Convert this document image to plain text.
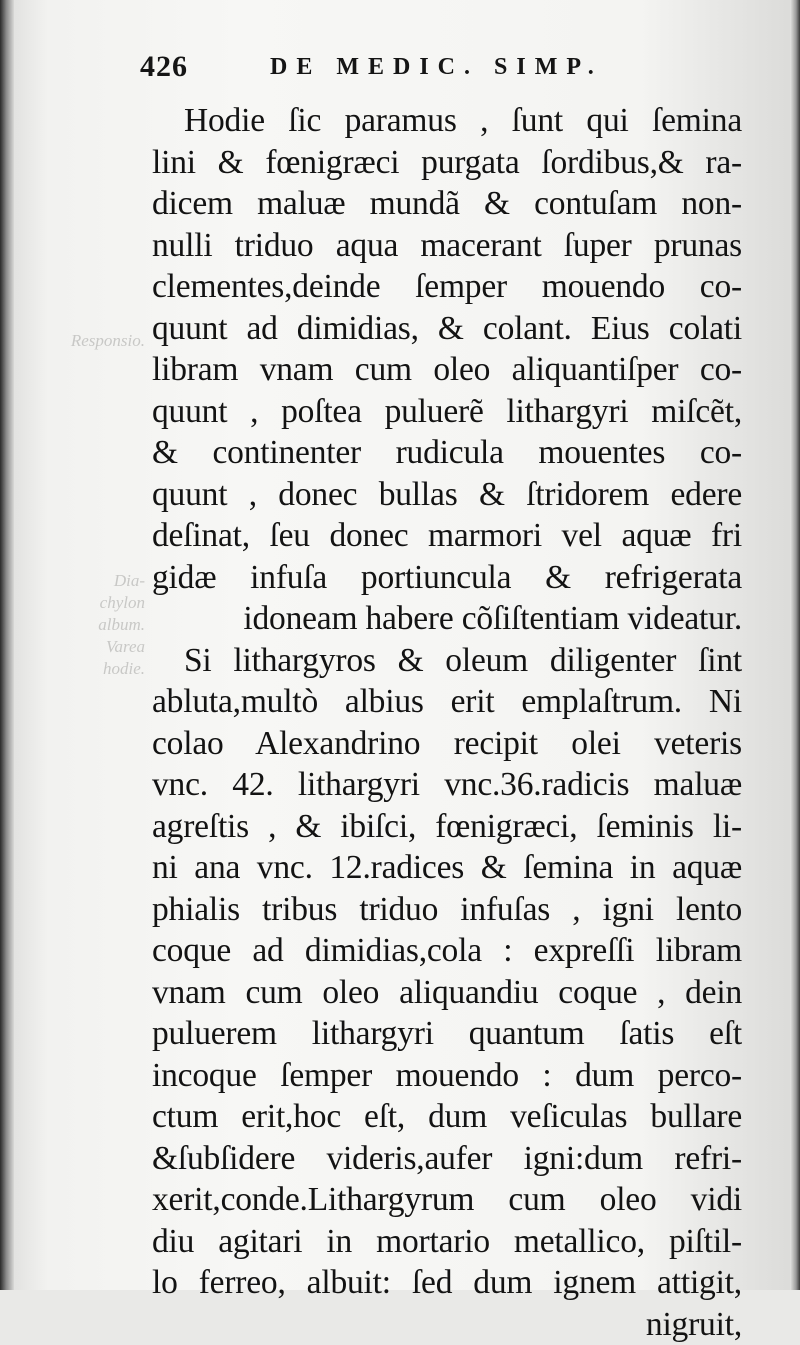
426	DE MEDIC. SIMP.
Responsio.
Dia-
chylon
album.
Varea
hodie.
Hodie ſic paramus , ſunt qui ſemina
lini & fœnigræci purgata ſordibus,& ra-
dicem maluæ mundã & contuſam non-
nulli triduo aqua macerant ſuper prunas
clementes,deinde ſemper mouendo co-
quunt ad dimidias, & colant. Eius colati
libram vnam cum oleo aliquantiſper co-
quunt , poſtea puluerẽ lithargyri miſcẽt,
& continenter rudicula mouentes co-
quunt , donec bullas & ſtridorem edere
deſinat, ſeu donec marmori vel aquæ fri
gidæ infuſa portiuncula & refrigerata
idoneam habere cõſiſtentiam videatur.
Si lithargyros & oleum diligenter ſint
abluta,multò albius erit emplaſtrum. Ni
colao Alexandrino recipit olei veteris
vnc. 42. lithargyri vnc.36.radicis maluæ
agreſtis , & ibiſci, fœnigræci, ſeminis li-
ni ana vnc. 12.radices & ſemina in aquæ
phialis tribus triduo infuſas , igni lento
coque ad dimidias,cola : expreſſi libram
vnam cum oleo aliquandiu coque , dein
puluerem lithargyri quantum ſatis eſt
incoque ſemper mouendo : dum perco-
ctum erit,hoc eſt, dum veſiculas bullare
&ſubſidere videris,aufer igni:dum refri-
xerit,conde.Lithargyrum cum oleo vidi
diu agitari in mortario metallico, piſtil-
lo ferreo, albuit: ſed dum ignem attigit,
nigruit,
